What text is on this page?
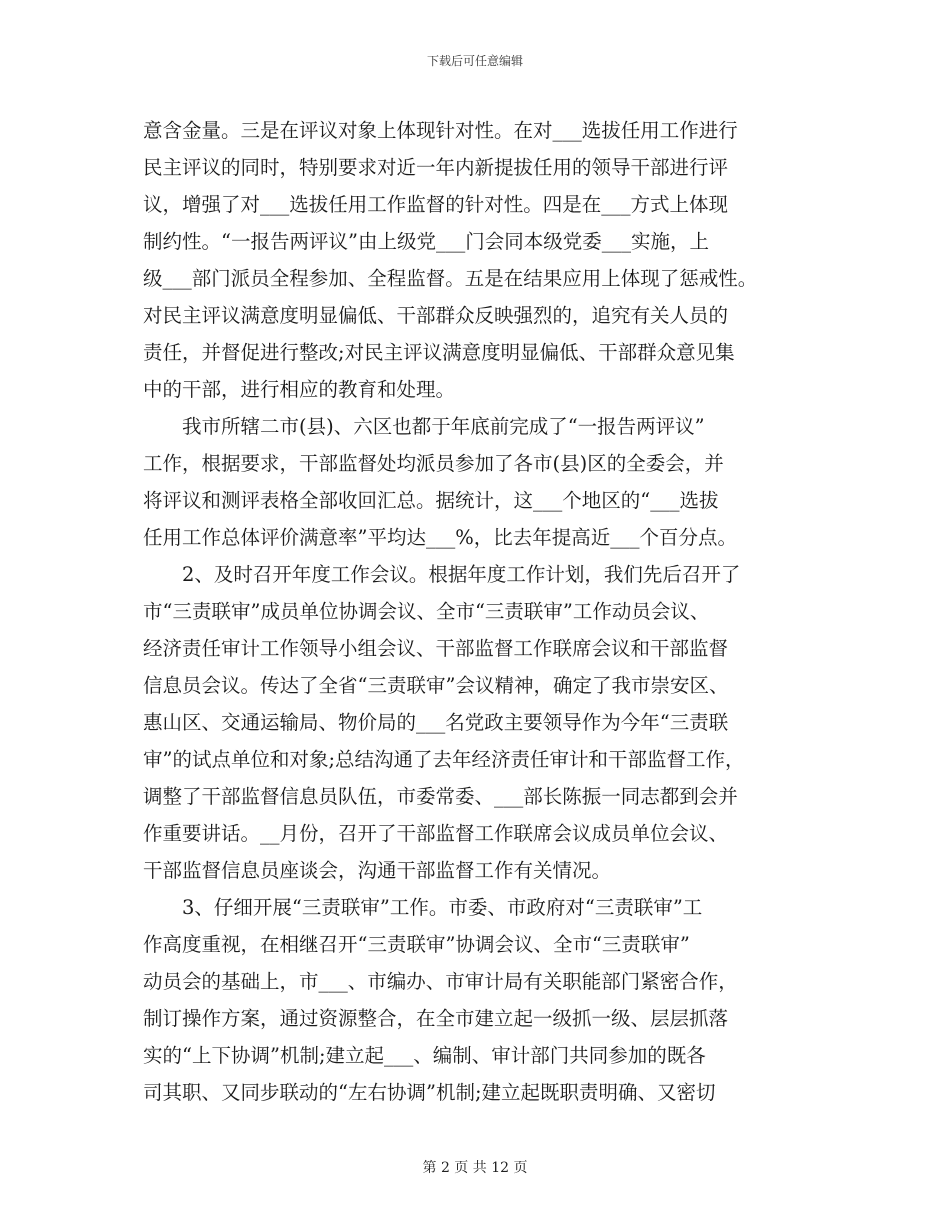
下载后可任意编辑
意含金量。三是在评议对象上体现针对性。在对___选拔任用工作进行
民主评议的同时，特别要求对近一年内新提拔任用的领导干部进行评
议，增强了对___选拔任用工作监督的针对性。四是在___方式上体现
制约性。“一报告两评议”由上级党___门会同本级党委___实施，上
级___部门派员全程参加、全程监督。五是在结果应用上体现了惩戒性。
对民主评议满意度明显偏低、干部群众反映强烈的，追究有关人员的
责任，并督促进行整改;对民主评议满意度明显偏低、干部群众意见集
中的干部，进行相应的教育和处理。
　　我市所辖二市(县)、六区也都于年底前完成了“一报告两评议”
工作，根据要求，干部监督处均派员参加了各市(县)区的全委会，并
将评议和测评表格全部收回汇总。据统计，这___个地区的“___选拔
任用工作总体评价满意率”平均达___%，比去年提高近___个百分点。
　　2、及时召开年度工作会议。根据年度工作计划，我们先后召开了
市“三责联审”成员单位协调会议、全市“三责联审”工作动员会议、
经济责任审计工作领导小组会议、干部监督工作联席会议和干部监督
信息员会议。传达了全省“三责联审”会议精神，确定了我市崇安区、
惠山区、交通运输局、物价局的___名党政主要领导作为今年“三责联
审”的试点单位和对象;总结沟通了去年经济责任审计和干部监督工作，
调整了干部监督信息员队伍，市委常委、___部长陈振一同志都到会并
作重要讲话。__月份，召开了干部监督工作联席会议成员单位会议、
干部监督信息员座谈会，沟通干部监督工作有关情况。
　　3、仔细开展“三责联审”工作。市委、市政府对“三责联审”工
作高度重视，在相继召开“三责联审”协调会议、全市“三责联审”
动员会的基础上，市___、市编办、市审计局有关职能部门紧密合作，
制订操作方案，通过资源整合，在全市建立起一级抓一级、层层抓落
实的“上下协调”机制;建立起___、编制、审计部门共同参加的既各
司其职、又同步联动的“左右协调”机制;建立起既职责明确、又密切
第 2 页 共 12 页
